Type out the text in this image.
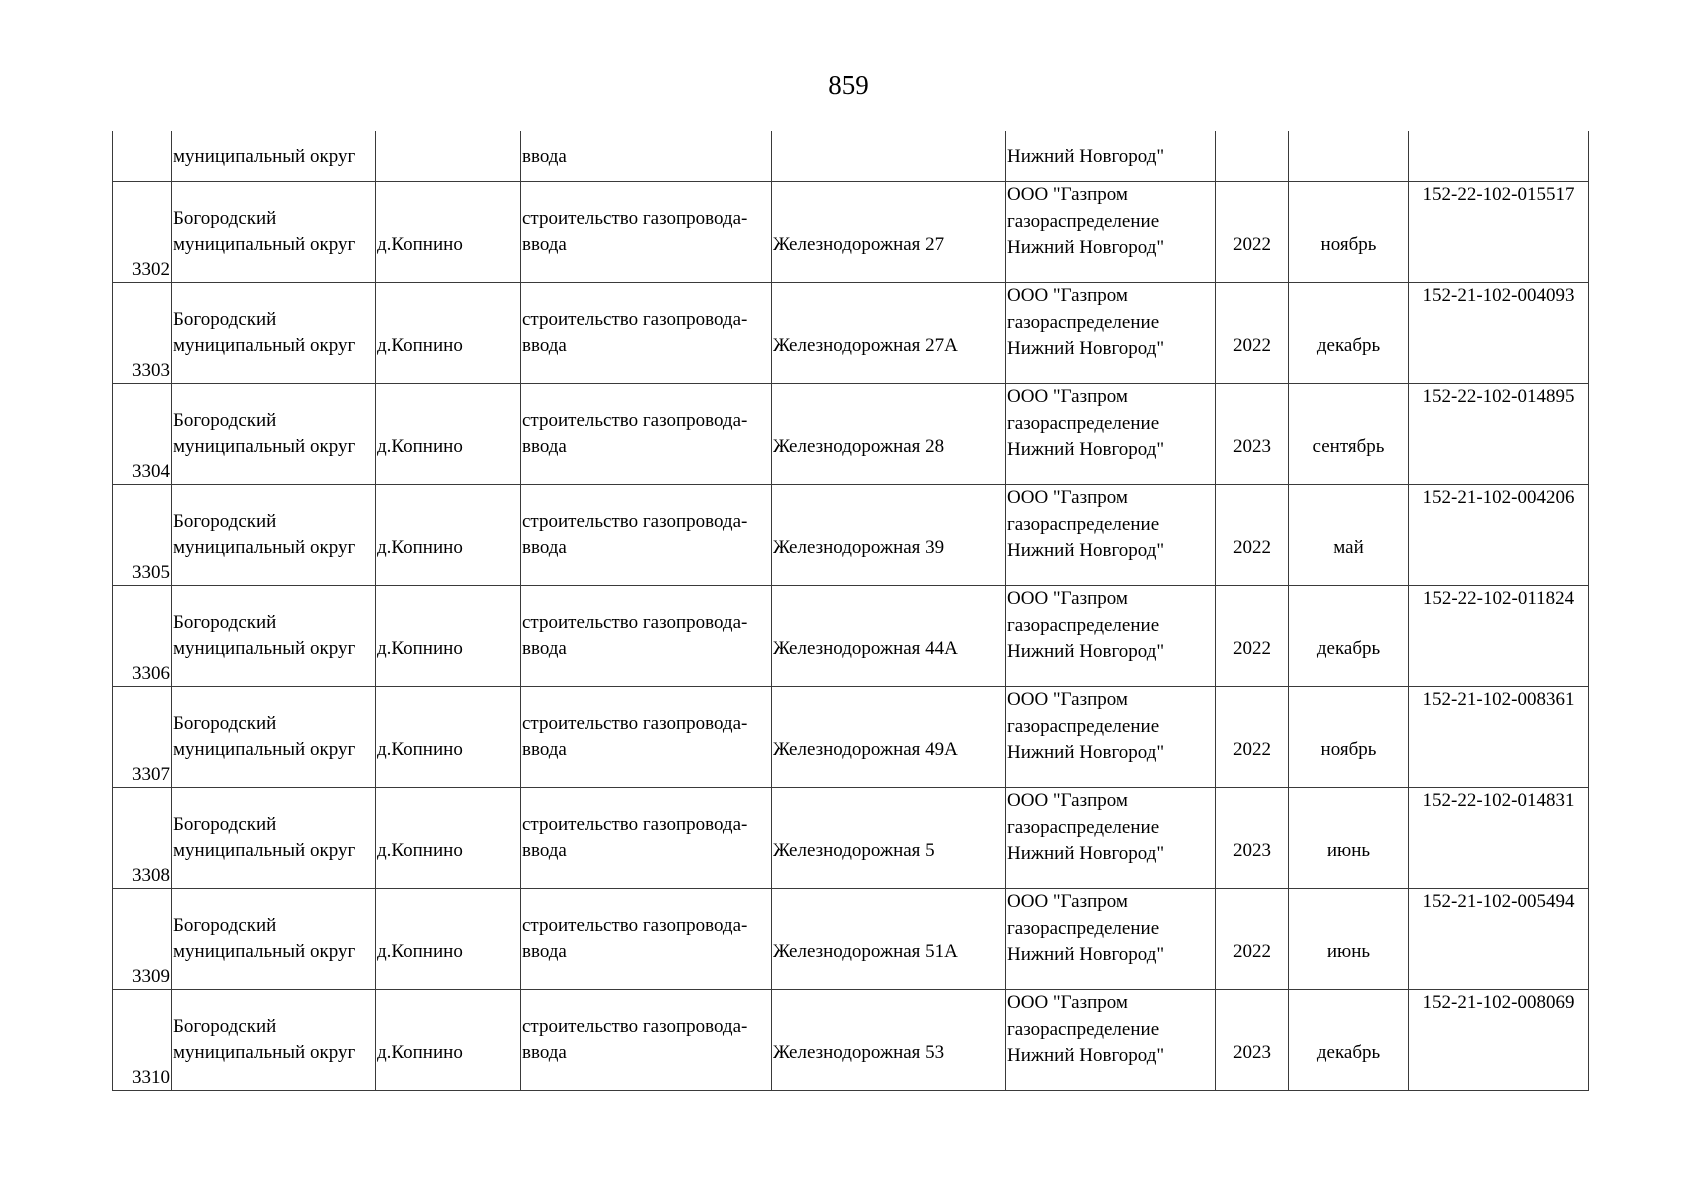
859
	муниципальный округ		ввода		Нижний Новгород"			
3302	Богородский
муниципальный округ	д.Копнино	строительство газопровода-
ввода	Железнодорожная 27	ООО "Газпром
газораспределение
Нижний Новгород"	2022	ноябрь	152-22-102-015517
3303	Богородский
муниципальный округ	д.Копнино	строительство газопровода-
ввода	Железнодорожная 27А	ООО "Газпром
газораспределение
Нижний Новгород"	2022	декабрь	152-21-102-004093
3304	Богородский
муниципальный округ	д.Копнино	строительство газопровода-
ввода	Железнодорожная 28	ООО "Газпром
газораспределение
Нижний Новгород"	2023	сентябрь	152-22-102-014895
3305	Богородский
муниципальный округ	д.Копнино	строительство газопровода-
ввода	Железнодорожная 39	ООО "Газпром
газораспределение
Нижний Новгород"	2022	май	152-21-102-004206
3306	Богородский
муниципальный округ	д.Копнино	строительство газопровода-
ввода	Железнодорожная 44А	ООО "Газпром
газораспределение
Нижний Новгород"	2022	декабрь	152-22-102-011824
3307	Богородский
муниципальный округ	д.Копнино	строительство газопровода-
ввода	Железнодорожная 49А	ООО "Газпром
газораспределение
Нижний Новгород"	2022	ноябрь	152-21-102-008361
3308	Богородский
муниципальный округ	д.Копнино	строительство газопровода-
ввода	Железнодорожная 5	ООО "Газпром
газораспределение
Нижний Новгород"	2023	июнь	152-22-102-014831
3309	Богородский
муниципальный округ	д.Копнино	строительство газопровода-
ввода	Железнодорожная 51А	ООО "Газпром
газораспределение
Нижний Новгород"	2022	июнь	152-21-102-005494
3310	Богородский
муниципальный округ	д.Копнино	строительство газопровода-
ввода	Железнодорожная 53	ООО "Газпром
газораспределение
Нижний Новгород"	2023	декабрь	152-21-102-008069
